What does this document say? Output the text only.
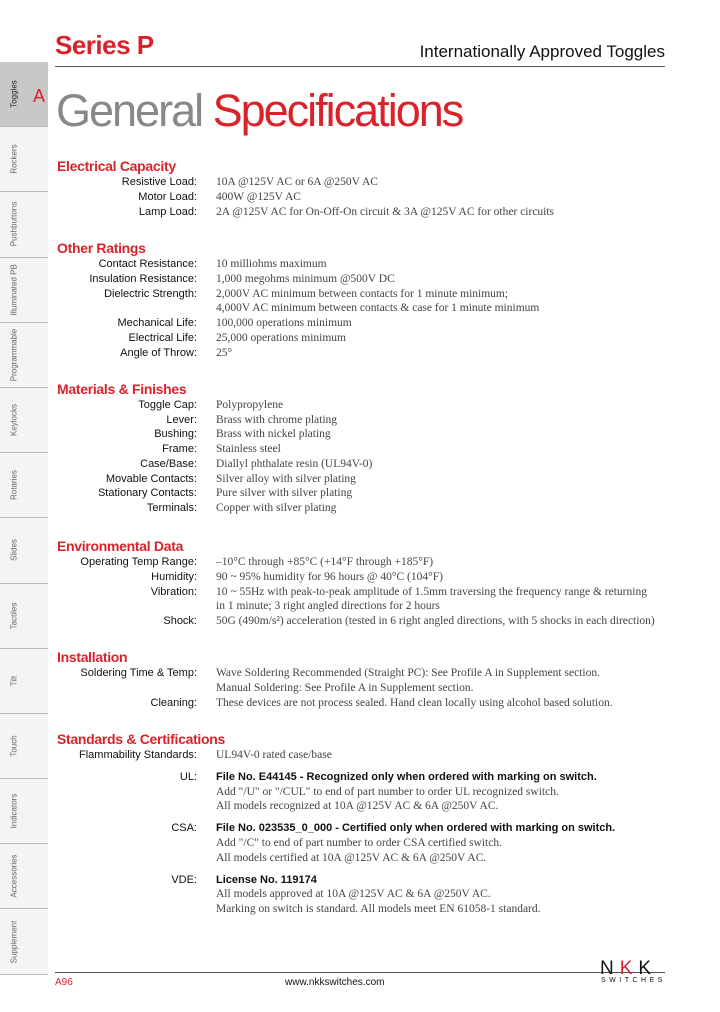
Series P	Internationally Approved Toggles
General Specifications
Toggles A
Rockers
Pushbuttons
Illuminated PB
Programmable
Keylocks
Rotaries
Slides
Tactiles
Tilt
Touch
Indicators
Accessories
Supplement
Electrical Capacity
Resistive Load: 10A @125V AC or 6A @250V AC
Motor Load: 400W @125V AC
Lamp Load: 2A @125V AC for On-Off-On circuit & 3A @125V AC for other circuits
Other Ratings
Contact Resistance: 10 milliohms maximum
Insulation Resistance: 1,000 megohms minimum @500V DC
Dielectric Strength: 2,000V AC minimum between contacts for 1 minute minimum;
4,000V AC minimum between contacts & case for 1 minute minimum
Mechanical Life: 100,000 operations minimum
Electrical Life: 25,000 operations minimum
Angle of Throw: 25°
Materials & Finishes
Toggle Cap: Polypropylene
Lever: Brass with chrome plating
Bushing: Brass with nickel plating
Frame: Stainless steel
Case/Base: Diallyl phthalate resin (UL94V-0)
Movable Contacts: Silver alloy with silver plating
Stationary Contacts: Pure silver with silver plating
Terminals: Copper with silver plating
Environmental Data
Operating Temp Range: –10°C through +85°C (+14°F through +185°F)
Humidity: 90 ~ 95% humidity for 96 hours @ 40°C (104°F)
Vibration: 10 ~ 55Hz with peak-to-peak amplitude of 1.5mm traversing the frequency range & returning
in 1 minute; 3 right angled directions for 2 hours
Shock: 50G (490m/s²) acceleration (tested in 6 right angled directions, with 5 shocks in each direction)
Installation
Soldering Time & Temp: Wave Soldering Recommended (Straight PC): See Profile A in Supplement section.
Manual Soldering: See Profile A in Supplement section.
Cleaning: These devices are not process sealed. Hand clean locally using alcohol based solution.
Standards & Certifications
Flammability Standards: UL94V-0 rated case/base
UL: File No. E44145 - Recognized only when ordered with marking on switch.
Add "/U" or "/CUL" to end of part number to order UL recognized switch.
All models recognized at 10A @125V AC & 6A @250V AC.
CSA: File No. 023535_0_000 - Certified only when ordered with marking on switch.
Add "/C" to end of part number to order CSA certified switch.
All models certified at 10A @125V AC & 6A @250V AC.
VDE: License No. 119174
All models approved at 10A @125V AC & 6A @250V AC.
Marking on switch is standard. All models meet EN 61058-1 standard.
A96	www.nkkswitches.com
NKK
SWITCHES
